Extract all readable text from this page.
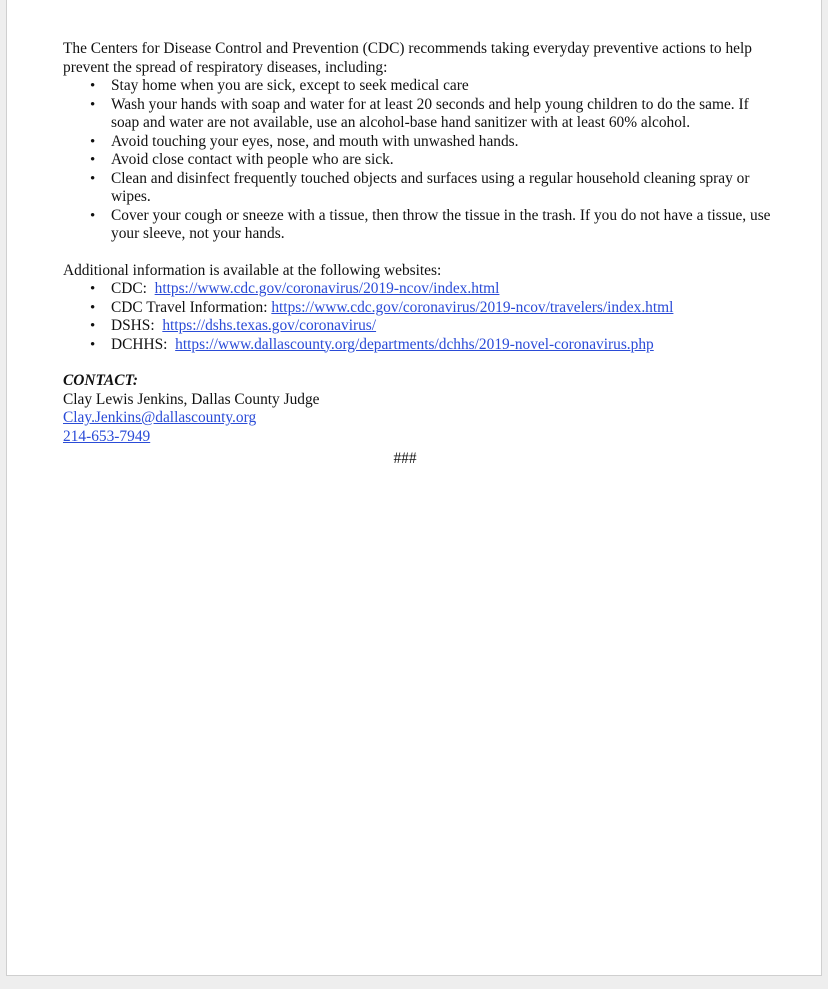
The Centers for Disease Control and Prevention (CDC) recommends taking everyday preventive actions to help prevent the spread of respiratory diseases, including:

• Stay home when you are sick, except to seek medical care
• Wash your hands with soap and water for at least 20 seconds and help young children to do the same. If soap and water are not available, use an alcohol-base hand sanitizer with at least 60% alcohol.
• Avoid touching your eyes, nose, and mouth with unwashed hands.
• Avoid close contact with people who are sick.
• Clean and disinfect frequently touched objects and surfaces using a regular household cleaning spray or wipes.
• Cover your cough or sneeze with a tissue, then throw the tissue in the trash. If you do not have a tissue, use your sleeve, not your hands.

Additional information is available at the following websites:

• CDC: https://www.cdc.gov/coronavirus/2019-ncov/index.html
• CDC Travel Information: https://www.cdc.gov/coronavirus/2019-ncov/travelers/index.html
• DSHS: https://dshs.texas.gov/coronavirus/
• DCHHS: https://www.dallascounty.org/departments/dchhs/2019-novel-coronavirus.php

CONTACT:

Clay Lewis Jenkins, Dallas County Judge

Clay.Jenkins@dallascounty.org

214-653-7949

###
